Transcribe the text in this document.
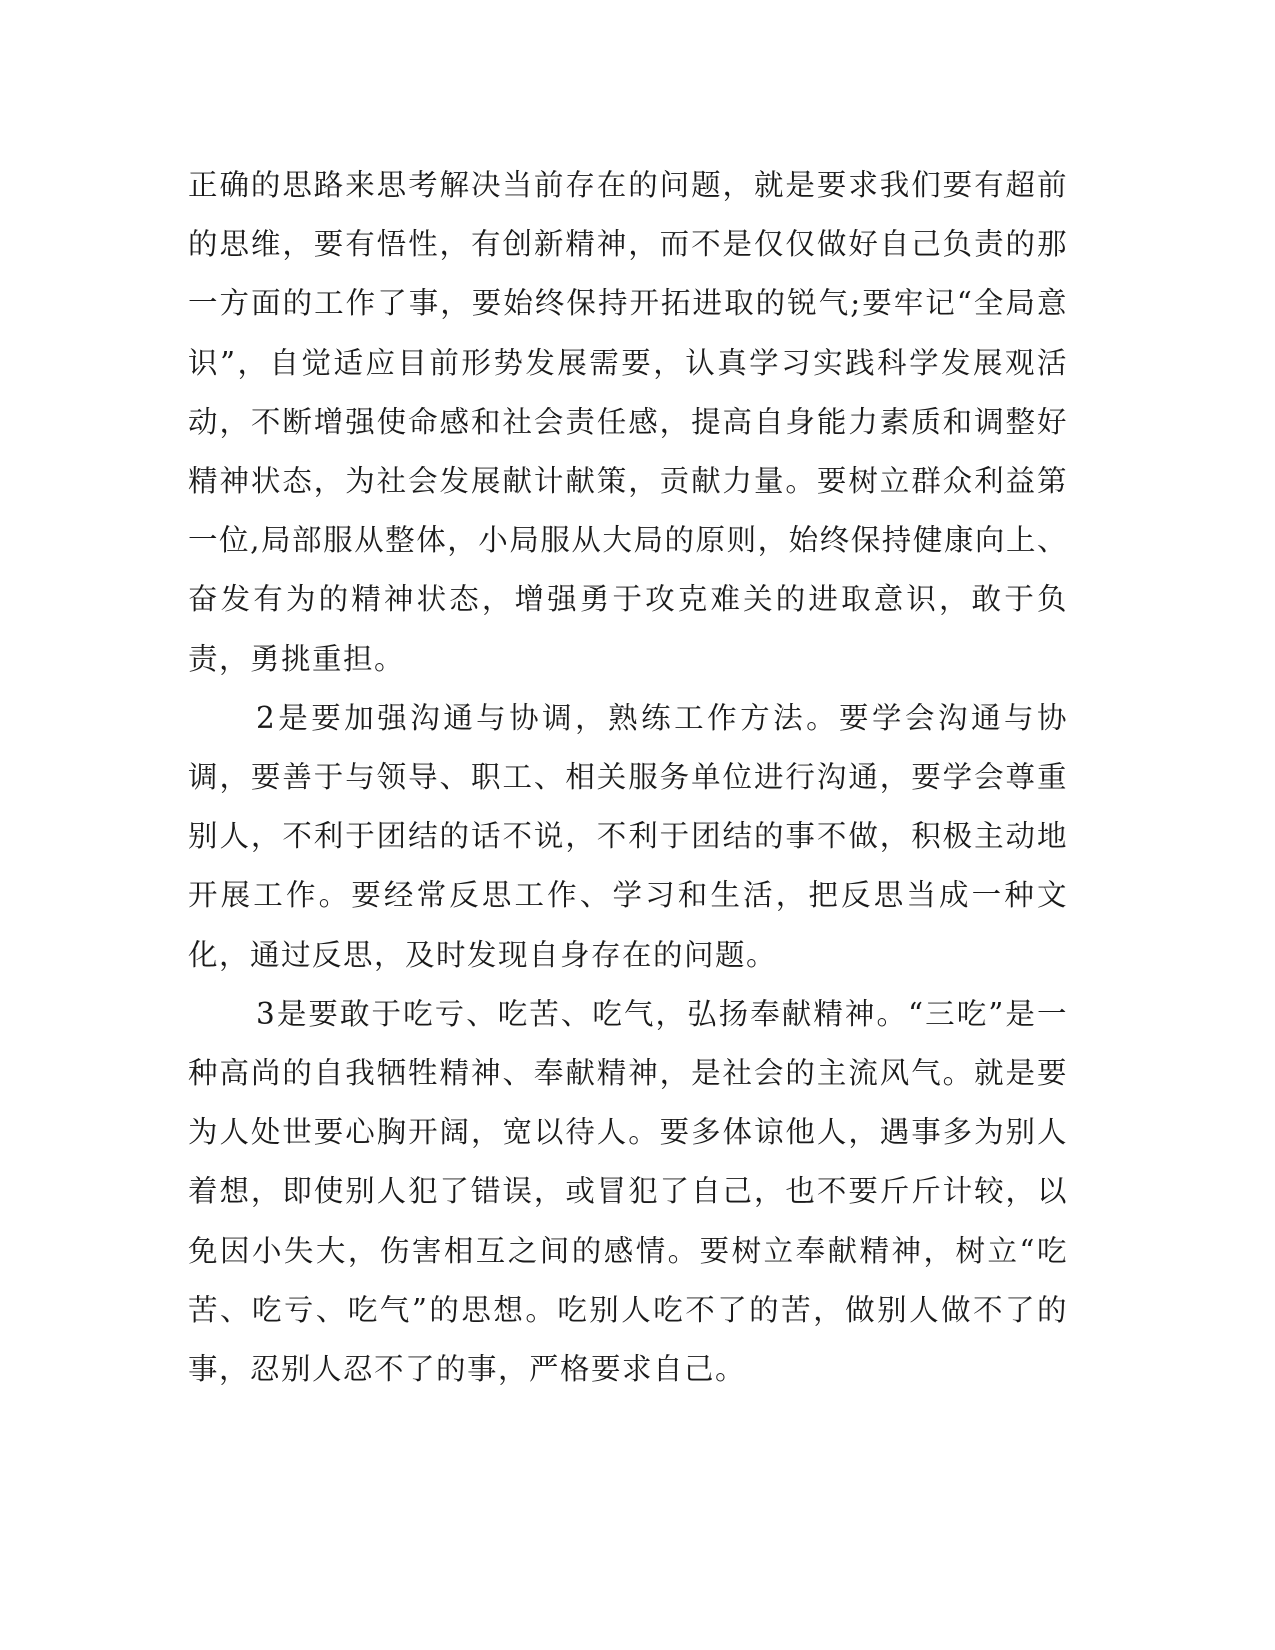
正确的思路来思考解决当前存在的问题，就是要求我们要有超前的思维，要有悟性，有创新精神，而不是仅仅做好自己负责的那一方面的工作了事，要始终保持开拓进取的锐气;要牢记“全局意识”，自觉适应目前形势发展需要，认真学习实践科学发展观活动，不断增强使命感和社会责任感，提高自身能力素质和调整好精神状态，为社会发展献计献策，贡献力量。要树立群众利益第一位,局部服从整体，小局服从大局的原则，始终保持健康向上、奋发有为的精神状态，增强勇于攻克难关的进取意识，敢于负责，勇挑重担。

2是要加强沟通与协调，熟练工作方法。要学会沟通与协调，要善于与领导、职工、相关服务单位进行沟通，要学会尊重别人，不利于团结的话不说，不利于团结的事不做，积极主动地开展工作。要经常反思工作、学习和生活，把反思当成一种文化，通过反思，及时发现自身存在的问题。

3是要敢于吃亏、吃苦、吃气，弘扬奉献精神。“三吃”是一种高尚的自我牺牲精神、奉献精神，是社会的主流风气。就是要为人处世要心胸开阔，宽以待人。要多体谅他人，遇事多为别人着想，即使别人犯了错误，或冒犯了自己，也不要斤斤计较，以免因小失大，伤害相互之间的感情。要树立奉献精神，树立“吃苦、吃亏、吃气”的思想。吃别人吃不了的苦，做别人做不了的事，忍别人忍不了的事，严格要求自己。
